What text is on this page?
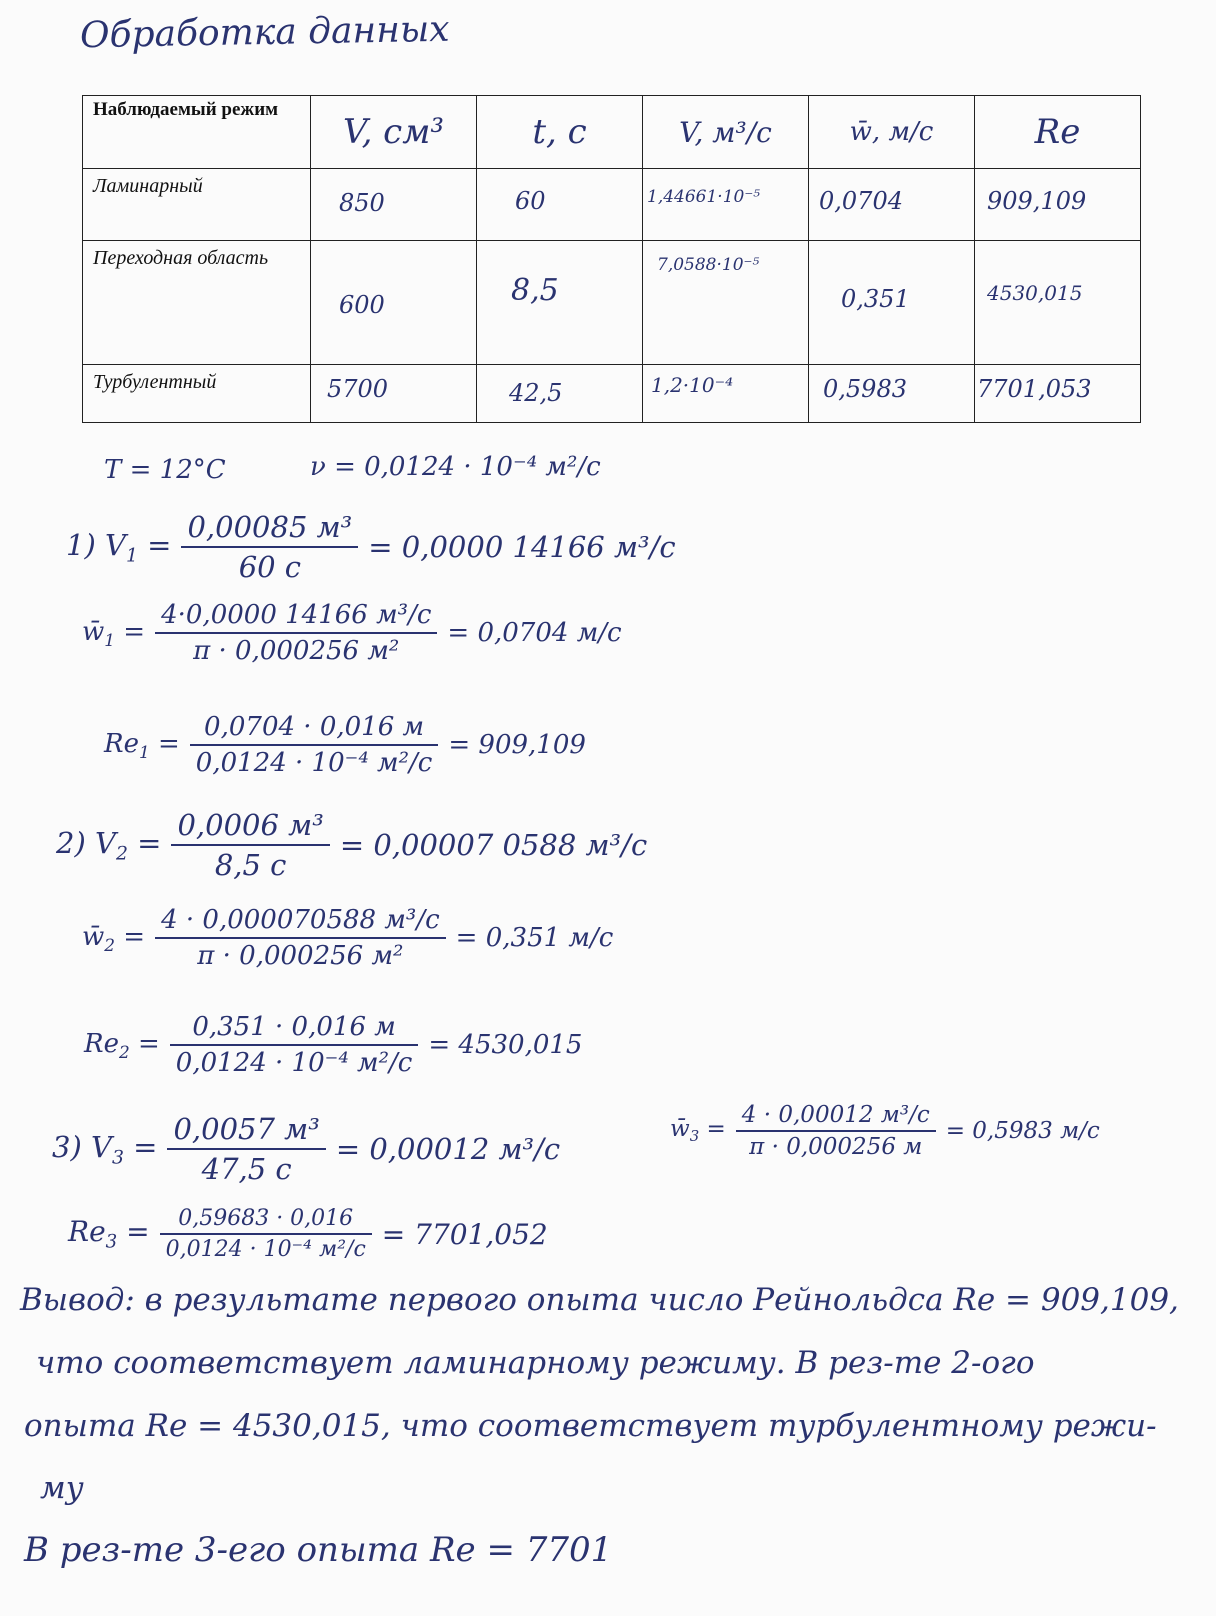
Обработка данных
Наблюдаемый режим	V, см³	t, с	V, м³/с	w̄, м/с	Re

Ламинарный	850	60	1,44661·10⁻⁵	0,0704	909,109

Переходная область	600	8,5	7,0588·10⁻⁵	0,351	4530,015

Турбулентный	5700	42,5	1,2·10⁻⁴	0,5983	7701,053
T = 12°C	ν = 0,0124 · 10⁻⁴ м²/с
1) $V_1 = \frac{\text{0,00085 м³}}{60 с} = 0,0000$ 14166 м³/с
$w̄_1 = \frac{\text{4·0,0000 14166 м³/с}}{\text{π · 0,000256 м²}} = 0,0704$ м/с
$Re_1 = \frac{0,0704 \cdot 0,016 м}{\text{0,0124 · 10⁻⁴ м²/с}} = 909,109$
2) $V_2 = \frac{\text{0,0006 м³}}{8,5 с} = 0,00007$ 0588 м³/с
$w̄_2 = \frac{\text{4 · 0,000070588 м³/с}}{\text{π · 0,000256 м²}} = 0,351$ м/с
$Re_2 = \frac{0,351 \cdot 0,016 м}{\text{0,0124 · 10⁻⁴ м²/с}} = 4530,015$
3) $V_3 = \frac{\text{0,0057 м³}}{47,5 с} = 0,00012$ м³/с
$w̄_3 = \frac{\text{4 · 0,00012 м³/с}}{\pi \cdot 0,000256 м} = 0,5983$ м/с
$Re_3 = \frac{0,59683 \cdot 0,016}{\text{0,0124 · 10⁻⁴ м²/с}} = 7701,052$
Вывод: в результате первого опыта число Рейнольдса Re = 909,109,
что соответствует ламинарному режиму. В рез-те 2-ого
опыта Re = 4530,015, что соответствует турбулентному режи-
му
В рез-те 3-его опыта Re = 7701
